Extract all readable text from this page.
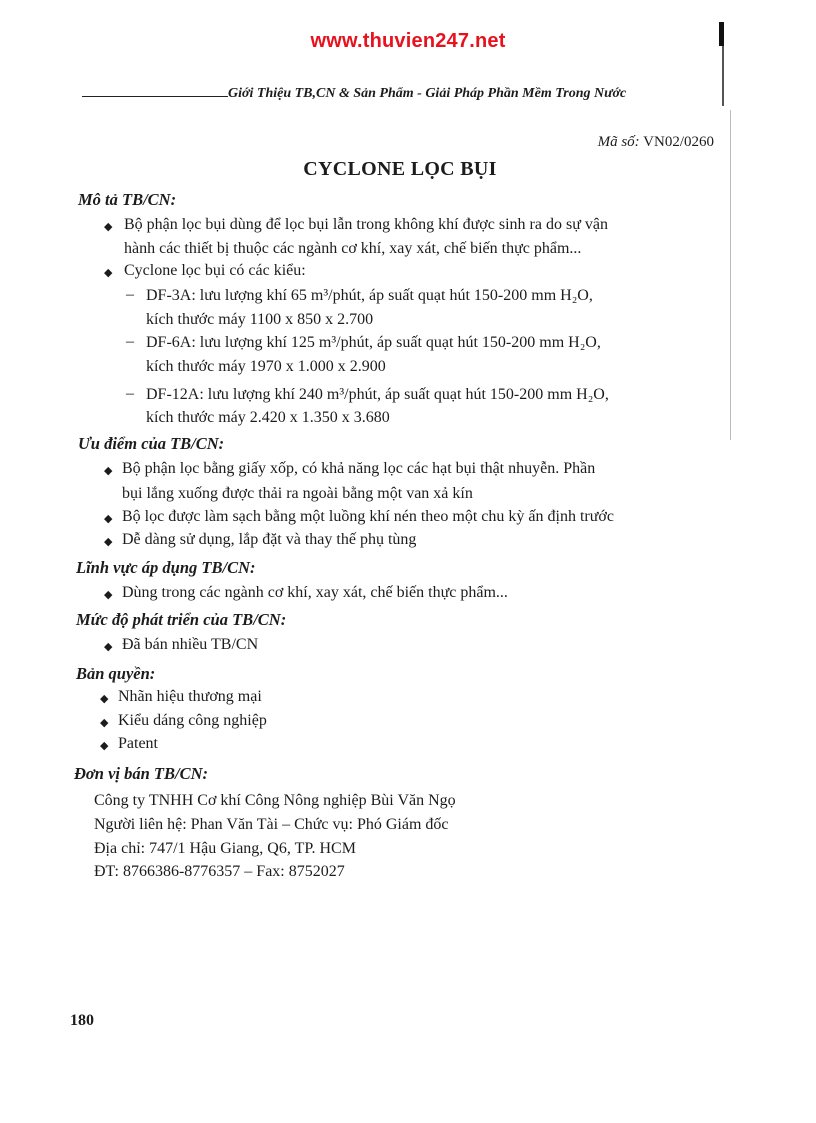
www.thuvien247.net
Giới Thiệu TB,CN & Sản Phẩm - Giải Pháp Phần Mềm Trong Nước
Mã số: VN02/0260
CYCLONE LỌC BỤI
Mô tả TB/CN:
◆ Bộ phận lọc bụi dùng để lọc bụi lẫn trong không khí được sinh ra do sự vận
hành các thiết bị thuộc các ngành cơ khí, xay xát, chế biến thực phẩm...
◆ Cyclone lọc bụi có các kiểu:
– DF-3A: lưu lượng khí 65 m³/phút, áp suất quạt hút 150-200 mm H₂O,
kích thước máy 1100 x 850 x 2.700
– DF-6A: lưu lượng khí 125 m³/phút, áp suất quạt hút 150-200 mm H₂O,
kích thước máy 1970 x 1.000 x 2.900
– DF-12A: lưu lượng khí 240 m³/phút, áp suất quạt hút 150-200 mm H₂O,
kích thước máy 2.420 x 1.350 x 3.680
Ưu điểm của TB/CN:
◆ Bộ phận lọc bằng giấy xốp, có khả năng lọc các hạt bụi thật nhuyễn. Phần
bụi lắng xuống được thải ra ngoài bằng một van xả kín
◆ Bộ lọc được làm sạch bằng một luồng khí nén theo một chu kỳ ấn định trước
◆ Dễ dàng sử dụng, lắp đặt và thay thế phụ tùng
Lĩnh vực áp dụng TB/CN:
◆ Dùng trong các ngành cơ khí, xay xát, chế biến thực phẩm...
Mức độ phát triển của TB/CN:
◆ Đã bán nhiều TB/CN
Bản quyền:
◆ Nhãn hiệu thương mại
◆ Kiểu dáng công nghiệp
◆ Patent
Đơn vị bán TB/CN:
Công ty TNHH Cơ khí Công Nông nghiệp Bùi Văn Ngọ
Người liên hệ: Phan Văn Tài – Chức vụ: Phó Giám đốc
Địa chỉ: 747/1 Hậu Giang, Q6, TP. HCM
ĐT: 8766386-8776357 – Fax: 8752027
180
